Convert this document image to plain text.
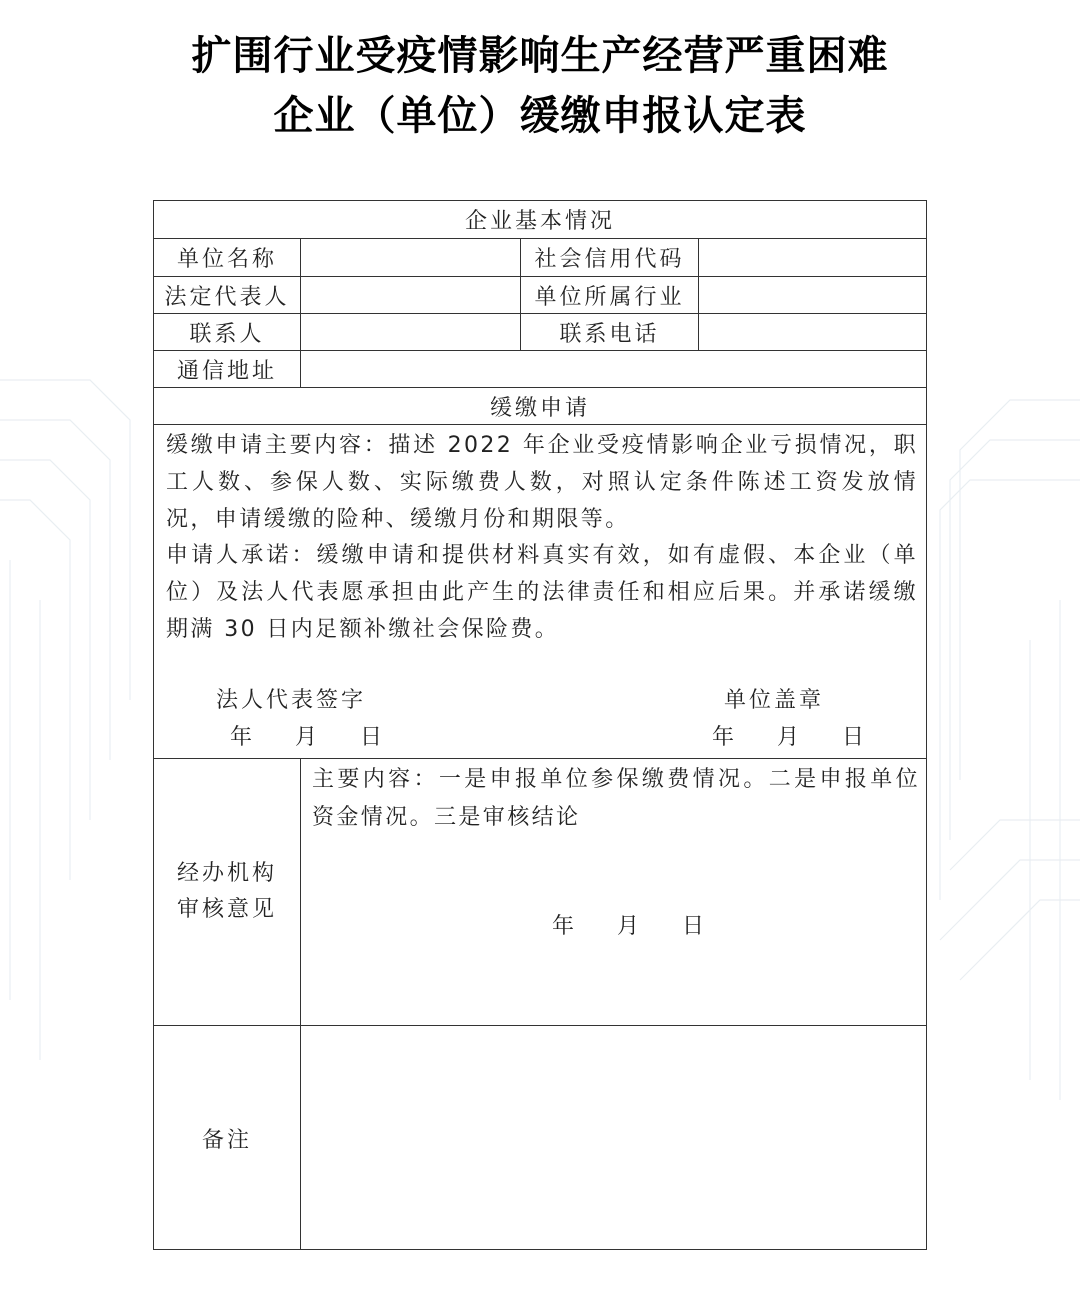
扩围行业受疫情影响生产经营严重困难
企业（单位）缓缴申报认定表
企业基本情况
单位名称	社会信用代码
法定代表人	单位所属行业
联系人	联系电话
通信地址
缓缴申请
缓缴申请主要内容：描述 2022 年企业受疫情影响企业亏损情况，职工人数、参保人数、实际缴费人数，对照认定条件陈述工资发放情况，申请缓缴的险种、缓缴月份和期限等。
申请人承诺：缓缴申请和提供材料真实有效，如有虚假、本企业（单位）及法人代表愿承担由此产生的法律责任和相应后果。并承诺缓缴期满 30 日内足额补缴社会保险费。
法人代表签字	单位盖章
年    月    日	年    月    日
经办机构
审核意见
主要内容：一是申报单位参保缴费情况。二是申报单位资金情况。三是审核结论
年    月    日
备注
